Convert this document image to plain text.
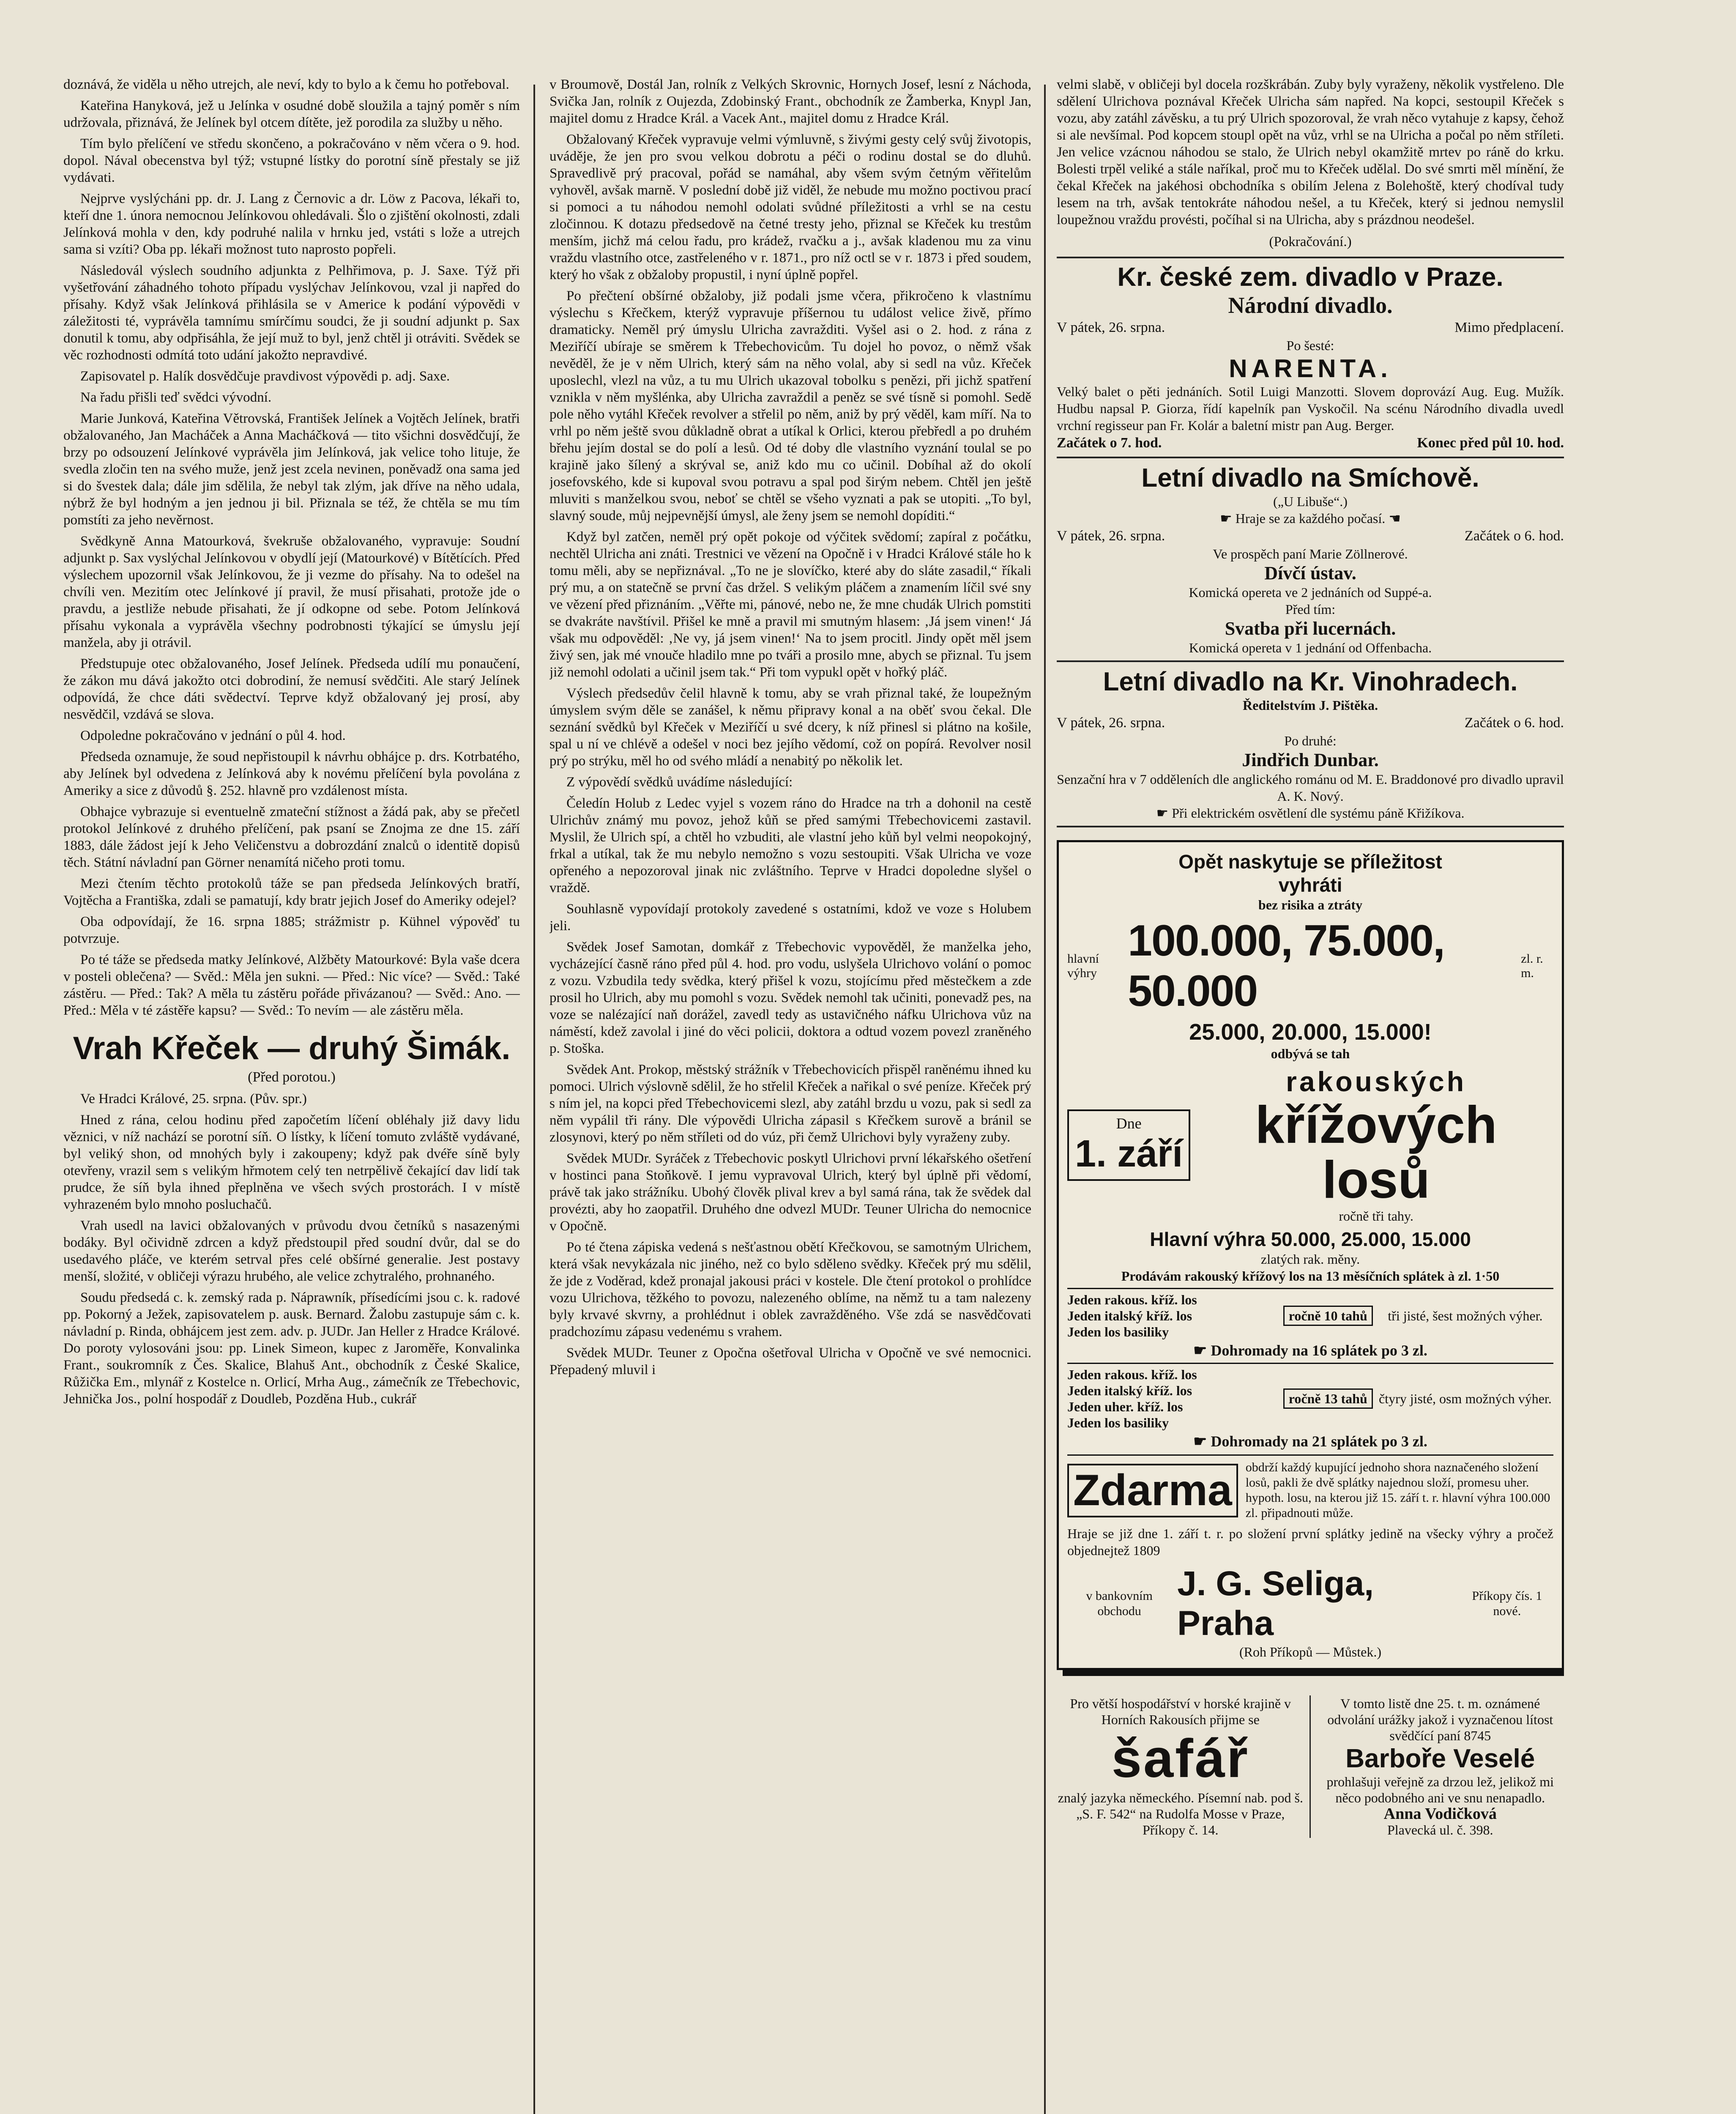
doznává, že viděla u něho utrejch, ale neví, kdy to bylo a k čemu ho potřeboval.

Kateřina Hanyková, jež u Jelínka v osudné době sloužila a tajný poměr s ním udržovala, přiznává, že Jelínek byl otcem dítěte, jež porodila za služby u něho.

Tím bylo přelíčení ve středu skončeno, a pokračováno v něm včera o 9. hod. dopol. Nával obecenstva byl týž; vstupné lístky do porotní síně přestaly se již vydávati.

Nejprve vyslýcháni pp. dr. J. Lang z Černovic a dr. Löw z Pacova, lékaři to, kteří dne 1. února nemocnou Jelínkovou ohledávali. Šlo o zjištění okolnosti, zdali Jelínková mohla v den, kdy podruhé nalila v hrnku jed, vstáti s lože a utrejch sama si vzíti? Oba pp. lékaři možnost tuto naprosto popřeli.

Následovál výslech soudního adjunkta z Pelhřimova, p. J. Saxe. Týž při vyšetřování záhadného tohoto případu vyslýchav Jelínkovou, vzal ji napřed do přísahy. Když však Jelínková přihlásila se v Americe k podání výpovědi v záležitosti té, vyprávěla tamnímu smírčímu soudci, že ji soudní adjunkt p. Sax donutil k tomu, aby odpřisáhla, že její muž to byl, jenž chtěl ji otráviti. Svědek se věc rozhodnosti odmítá toto udání jakožto nepravdivé.

Zapisovatel p. Halík dosvědčuje pravdivost výpovědi p. adj. Saxe.

Na řadu přišli teď svědci vývodní.

Marie Junková, Kateřina Větrovská, František Jelínek a Vojtěch Jelínek, bratři obžalovaného, Jan Macháček a Anna Macháčková — tito všichni dosvědčují, že brzy po odsouzení Jelínkové vyprávěla jim Jelínková, jak velice toho lituje, že svedla zločin ten na svého muže, jenž jest zcela nevinen, poněvadž ona sama jed si do švestek dala; dále jim sdělila, že nebyl tak zlým, jak dříve na něho udala, nýbrž že byl hodným a jen jednou ji bil. Přiznala se též, že chtěla se mu tím pomstíti za jeho nevěrnost.

Svědkyně Anna Matourková, švekruše obžalovaného, vypravuje: Soudní adjunkt p. Sax vyslýchal Jelínkovou v obydlí její (Matourkové) v Bítětících. Před výslechem upozornil však Jelínkovou, že ji vezme do přísahy. Na to odešel na chvíli ven. Mezitím otec Jelínkové jí pravil, že musí přisahati, protože jde o pravdu, a jestliže nebude přisahati, že jí odkopne od sebe. Potom Jelínková přísahu vykonala a vyprávěla všechny podrobnosti týkající se úmyslu její manžela, aby ji otrávil.

Předstupuje otec obžalovaného, Josef Jelínek. Předseda udílí mu ponaučení, že zákon mu dává jakožto otci dobrodiní, že nemusí svědčiti. Ale starý Jelínek odpovídá, že chce dáti svědectví. Teprve když obžalovaný jej prosí, aby nesvědčil, vzdává se slova.

Odpoledne pokračováno v jednání o půl 4. hod.

Předseda oznamuje, že soud nepřistoupil k návrhu obhájce p. drs. Kotrbatého, aby Jelínek byl odvedena z Jelínková aby k novému přelíčení byla povolána z Ameriky a sice z důvodů §. 252. hlavně pro vzdálenost místa.

Obhajce vybrazuje si eventuelně zmateční stížnost a žádá pak, aby se přečetl protokol Jelínkové z druhého přelíčení, pak psaní se Znojma ze dne 15. září 1883, dále žádost její k Jeho Veličenstvu a dobrozdání znalců o identitě dopisů těch. Státní návladní pan Görner nenamítá ničeho proti tomu.

Mezi čtením těchto protokolů táže se pan předseda Jelínkových bratří, Vojtěcha a Františka, zdali se pamatují, kdy bratr jejich Josef do Ameriky odejel?

Oba odpovídají, že 16. srpna 1885; strážmistr p. Kühnel výpověď tu potvrzuje.

Po té táže se předseda matky Jelínkové, Alžběty Matourkové: Byla vaše dcera v posteli oblečena? — Svěd.: Měla jen sukni. — Před.: Nic více? — Svěd.: Také zástěru. — Před.: Tak? A měla tu zástěru pořáde přivázanou? — Svěd.: Ano. — Před.: Měla v té zástěře kapsu? — Svěd.: To nevím — ale zástěru měla.

Vrah Křeček — druhý Šimák.
(Před porotou.)

Ve Hradci Králové, 25. srpna. (Pův. spr.)

Hned z rána, celou hodinu před započetím líčení obléhaly již davy lidu věznici, v níž nachází se porotní síň. O lístky, k líčení tomuto zvláště vydávané, byl veliký shon, od mnohých byly i zakoupeny; když pak dvéře síně byly otevřeny, vrazil sem s velikým hřmotem celý ten netrpělivě čekající dav lidí tak prudce, že síň byla ihned přeplněna ve všech svých prostorách. I v místě vyhrazeném bylo mnoho posluchačů.

Vrah usedl na lavici obžalovaných v průvodu dvou četníků s nasazenými bodáky. Byl očividně zdrcen a když předstoupil před soudní dvůr, dal se do usedavého pláče, ve kterém setrval přes celé obšírné generalie. Jest postavy menší, složité, v obličeji výrazu hrubého, ale velice zchytralého, prohnaného.

Soudu předsedá c. k. zemský rada p. Náprawník, přísedícími jsou c. k. radové pp. Pokorný a Ježek, zapisovatelem p. ausk. Bernard. Žalobu zastupuje sám c. k. návladní p. Rinda, obhájcem jest zem. adv. p. JUDr. Jan Heller z Hradce Králové. Do poroty vylosováni jsou: pp. Linek Simeon, kupec z Jaroměře, Konvalinka Frant., soukromník z Čes. Skalice, Blahuš Ant., obchodník z České Skalice, Růžička Em., mlynář z Kostelce n. Orlicí, Mrha Aug., zámečník ze Třebechovic, Jehnička Jos., polní hospodář z Doudleb, Pozděna Hub., cukrář

v Broumově, Dostál Jan, rolník z Velkých Skrovnic, Hornych Josef, lesní z Náchoda, Svička Jan, rolník z Oujezda, Zdobinský Frant., obchodník ze Žamberka, Knypl Jan, majitel domu z Hradce Král. a Vacek Ant., majitel domu z Hradce Král.

Obžalovaný Křeček vypravuje velmi výmluvně, s živými gesty celý svůj životopis, uváděje, že jen pro svou velkou dobrotu a péči o rodinu dostal se do dluhů. Spravedlivě prý pracoval, pořád se namáhal, aby všem svým četným věřitelům vyhověl, avšak marně. V poslední době již viděl, že nebude mu možno poctivou prací si pomoci a tu náhodou nemohl odolati svůdné příležitosti a vrhl se na cestu zločinnou. K dotazu předsedově na četné tresty jeho, přiznal se Křeček ku trestům menším, jichž má celou řadu, pro krádež, rvačku a j., avšak kladenou mu za vinu vraždu vlastního otce, zastřeleného v r. 1871., pro níž octl se v r. 1873 i před soudem, který ho však z obžaloby propustil, i nyní úplně popřel.

Po přečtení obšírné obžaloby, již podali jsme včera, přikročeno k vlastnímu výslechu s Křečkem, kterýž vypravuje příšernou tu událost velice živě, přímo dramaticky. Neměl prý úmyslu Ulricha zavražditi. Vyšel asi o 2. hod. z rána z Meziříčí ubíraje se směrem k Třebechovicům. Tu dojel ho povoz, o němž však nevěděl, že je v něm Ulrich, který sám na něho volal, aby si sedl na vůz. Křeček uposlechl, vlezl na vůz, a tu mu Ulrich ukazoval tobolku s penězi, při jichž spatření vznikla v něm myšlénka, aby Ulricha zavraždil a peněz se své tísně si pomohl. Sedě pole něho vytáhl Křeček revolver a střelil po něm, aniž by prý věděl, kam míří. Na to vrhl po něm ještě svou důkladně obrat a utíkal k Orlici, kterou přebředl a po druhém břehu jejím dostal se do polí a lesů. Od té doby dle vlastního vyznání toulal se po krajině jako šílený a skrýval se, aniž kdo mu co učinil. Dobíhal až do okolí josefovského, kde si kupoval svou potravu a spal pod širým nebem. Chtěl jen ještě mluviti s manželkou svou, neboť se chtěl se všeho vyznati a pak se utopiti. „To byl, slavný soude, můj nejpevnější úmysl, ale ženy jsem se nemohl dopíditi.“

Když byl zatčen, neměl prý opět pokoje od výčitek svědomí; zapíral z počátku, nechtěl Ulricha ani znáti. Trestnici ve vězení na Opočně i v Hradci Králové stále ho k tomu měli, aby se nepřiznával. „To ne je slovíčko, které aby do sláte zasadil,“ říkali prý mu, a on statečně se první čas držel. S velikým pláčem a znamením líčil své sny ve vězení před přiznáním. „Věřte mi, pánové, nebo ne, že mne chudák Ulrich pomstiti se dvakráte navštívil. Přišel ke mně a pravil mi smutným hlasem: ‚Já jsem vinen!‘ Já však mu odpověděl: ‚Ne vy, já jsem vinen!‘ Na to jsem procitl. Jindy opět měl jsem živý sen, jak mé vnouče hladilo mne po tváři a prosilo mne, abych se přiznal. Tu jsem již nemohl odolati a učinil jsem tak.“ Při tom vypukl opět v hořký pláč.

Výslech předsedův čelil hlavně k tomu, aby se vrah přiznal také, že loupežným úmyslem svým děle se zanášel, k němu připravy konal a na oběť svou čekal. Dle seznání svědků byl Křeček v Meziříčí u své dcery, k níž přinesl si plátno na košile, spal u ní ve chlévě a odešel v noci bez jejího vědomí, což on popírá. Revolver nosil prý po strýku, měl ho od svého mládí a nenabitý po několik let.

Z výpovědí svědků uvádíme následující:

Čeledín Holub z Ledec vyjel s vozem ráno do Hradce na trh a dohonil na cestě Ulrichův známý mu povoz, jehož kůň se před samými Třebechovicemi zastavil. Myslil, že Ulrich spí, a chtěl ho vzbuditi, ale vlastní jeho kůň byl velmi neopokojný, frkal a utíkal, tak že mu nebylo nemožno s vozu sestoupiti. Však Ulricha ve voze opřeného a nepozoroval jinak nic zvláštního. Teprve v Hradci dopoledne slyšel o vraždě.

Souhlasně vypovídají protokoly zavedené s ostatními, kdož ve voze s Holubem jeli.

Svědek Josef Samotan, domkář z Třebechovic vypověděl, že manželka jeho, vycházející časně ráno před půl 4. hod. pro vodu, uslyšela Ulrichovo volání o pomoc z vozu. Vzbudila tedy svědka, který přišel k vozu, stojícímu před městečkem a zde prosil ho Ulrich, aby mu pomohl s vozu. Svědek nemohl tak učiniti, ponevadž pes, na voze se nalézající naň dorážel, zavedl tedy as ustavičného náfku Ulrichova vůz na náměstí, kdež zavolal i jiné do věci policii, doktora a odtud vozem povezl zraněného p. Stoška.

Svědek Ant. Prokop, městský strážník v Třebechovicích přispěl raněnému ihned ku pomoci. Ulrich výslovně sdělil, že ho střelil Křeček a nařikal o své peníze. Křeček prý s ním jel, na kopci před Třebechovicemi slezl, aby zatáhl brzdu u vozu, pak si sedl za něm vypálil tři rány. Dle výpovědi Ulricha zápasil s Křečkem surově a bránil se zlosynovi, který po něm stříleti od do vúz, při čemž Ulrichovi byly vyraženy zuby.

Svědek MUDr. Syráček z Třebechovic poskytl Ulrichovi první lékařského ošetření v hostinci pana Stoňkově. I jemu vypravoval Ulrich, který byl úplně při vědomí, právě tak jako strážníku. Ubohý člověk plival krev a byl samá rána, tak že svědek dal provézti, aby ho zaopatřil. Druhého dne odvezl MUDr. Teuner Ulricha do nemocnice v Opočně.

Po té čtena zápiska vedená s nešťastnou obětí Křečkovou, se samotným Ulrichem, která však nevykázala nic jiného, než co bylo sděleno svědky. Křeček prý mu sdělil, že jde z Voděrad, kdež pronajal jakousi práci v kostele. Dle čtení protokol o prohlídce vozu Ulrichova, těžkého to povozu, nalezeného oblíme, na němž tu a tam nalezeny byly krvavé skvrny, a prohlédnut i oblek zavražděného. Vše zdá se nasvědčovati pradchozímu zápasu vedenému s vrahem.

Svědek MUDr. Teuner z Opočna ošetřoval Ulricha v Opočně ve své nemocnici. Přepadený mluvil i

velmi slabě, v obličeji byl docela rozškrábán. Zuby byly vyraženy, několik vystřeleno. Dle sdělení Ulrichova poznával Křeček Ulricha sám napřed. Na kopci, sestoupil Křeček s vozu, aby zatáhl závěsku, a tu prý Ulrich spozoroval, že vrah něco vytahuje z kapsy, čehož si ale nevšímal. Pod kopcem stoupl opět na vůz, vrhl se na Ulricha a počal po něm stříleti. Jen velice vzácnou náhodou se stalo, že Ulrich nebyl okamžitě mrtev po ráně do krku. Bolesti trpěl veliké a stále naříkal, proč mu to Křeček udělal. Do své smrti měl mínění, že čekal Křeček na jakéhosi obchodníka s obilím Jelena z Bolehoště, který chodíval tudy lesem na trh, avšak tentokráte náhodou nešel, a tu Křeček, který si jednou nemyslil loupežnou vraždu provésti, počíhal si na Ulricha, aby s prázdnou neodešel.

(Pokračování.)
Kr. české zem. divadlo v Praze.
Národní divadlo.
V pátek, 26. srpna.	Mimo předplacení.
Po šesté:
NARENTA.
Velký balet o pěti jednáních. Sotil Luigi Manzotti. Slovem doprovází Aug. Eug. Mužík. Hudbu napsal P. Giorza, řídí kapelník pan Vyskočil. Na scénu Národního divadla uvedl vrchní regisseur pan Fr. Kolár a baletní mistr pan Aug. Berger.
Začátek o 7. hod.	Konec před půl 10. hod.
Letní divadlo na Smíchově.
(„U Libuše“.)
☛ Hraje se za každého počasí. ☚
V pátek, 26. srpna.	Začátek o 6. hod.
Ve prospěch paní Marie Zöllnerové.
Dívčí ústav.
Komická opereta ve 2 jednáních od Suppé-a.
Před tím:
Svatba při lucernách.
Komická opereta v 1 jednání od Offenbacha.
Letní divadlo na Kr. Vinohradech.
Ředitelstvím J. Pištěka.
V pátek, 26. srpna.	Začátek o 6. hod.
Po druhé:
Jindřich Dunbar.
Senzační hra v 7 odděleních dle anglického románu od M. E. Braddonové pro divadlo upravil A. K. Nový.
☛ Při elektrickém osvětlení dle systému páně Křižíkova.
Opět naskytuje se příležitost
vyhráti
bez risika a ztráty
hlavní výhry
100.000, 75.000, 50.000
zl. r. m.
25.000, 20.000, 15.000!
odbývá se tah
Dne
1. září
rakouských
křížových losů
ročně tři tahy.
Hlavní výhra 50.000, 25.000, 15.000
zlatých rak. měny.
Prodávám rakouský křížový los na 13 měsíčních splátek à zl. 1·50
Jeden rakous. kříž. los
Jeden italský kříž. los
Jeden los basiliky
ročně 10 tahů	tři jisté, šest možných výher.
☛ Dohromady na 16 splátek po 3 zl.
Jeden rakous. kříž. los
Jeden italský kříž. los
Jeden uher. kříž. los
Jeden los basiliky
ročně 13 tahů čtyry jisté, osm možných výher.
☛ Dohromady na 21 splátek po 3 zl.
Zdarma	obdrží každý kupující jednoho shora naznačeného složení losů, pakli že dvě splátky najednou složí, promesu uher. hypoth. losu, na kterou již 15. září t. r. hlavní výhra 100.000 zl. připadnouti může.
Hraje se již dne 1. září t. r. po složení první splátky jedině na všecky výhry a pročež objednejtež 1809
v bankovním obchodu
J. G. Seliga, Praha
Příkopy čís. 1 nové.
(Roh Příkopů — Můstek.)
Pro větší hospodářství v horské krajině v Horních Rakousích přijme se
šafář
znalý jazyka německého. Písemní nab. pod š. „S. F. 542“ na Rudolfa Mosse v Praze, Příkopy č. 14.
V tomto listě dne 25. t. m. oznámené odvolání urážky jakož i vyznačenou lítost svědčící paní 8745
Barboře Veselé
prohlašuji veřejně za drzou lež, jelikož mi něco podobného ani ve snu nenapadlo.
Anna Vodičková
Plavecká ul. č. 398.
